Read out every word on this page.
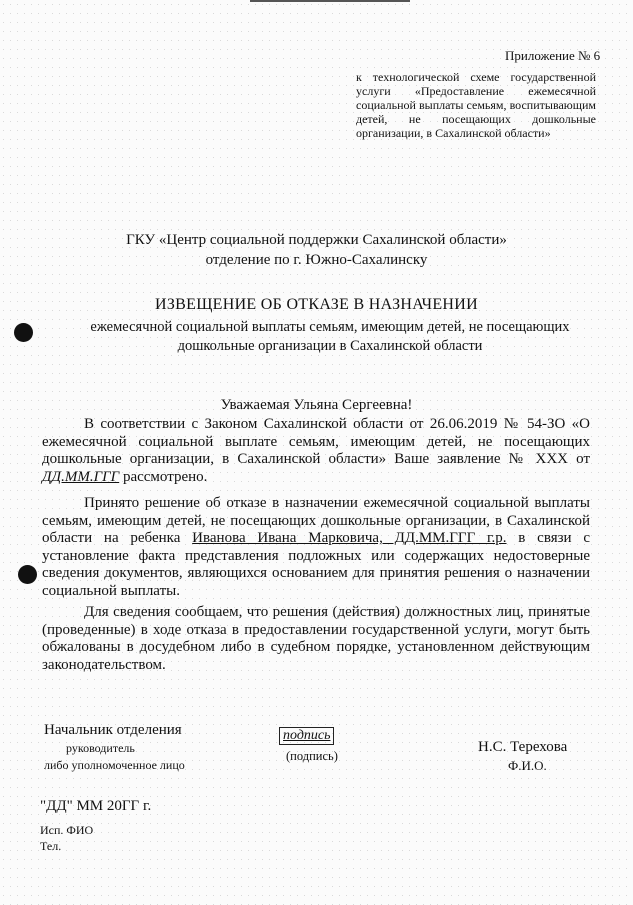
Приложение № 6
к технологической схеме государственной услуги «Предоставление ежемесячной социальной выплаты семьям, воспитывающим детей, не посещающих дошкольные организации, в Сахалинской области»
ГКУ «Центр социальной поддержки Сахалинской области»
отделение по г. Южно-Сахалинску
ИЗВЕЩЕНИЕ ОБ ОТКАЗЕ В НАЗНАЧЕНИИ
ежемесячной социальной выплаты семьям, имеющим детей, не посещающих дошкольные организации в Сахалинской области
Уважаемая Ульяна Сергеевна!
В соответствии с Законом Сахалинской области от 26.06.2019 № 54-ЗО «О ежемесячной социальной выплате семьям, имеющим детей, не посещающих дошкольные организации, в Сахалинской области» Ваше заявление № ХХХ от ДД.ММ.ГГГ рассмотрено.
Принято решение об отказе в назначении ежемесячной социальной выплаты семьям, имеющим детей, не посещающих дошкольные организации, в Сахалинской области на ребенка Иванова Ивана Марковича, ДД.ММ.ГГГ г.р. в связи с установление факта представления подложных или содержащих недостоверные сведения документов, являющихся основанием для принятия решения о назначении социальной выплаты.
Для сведения сообщаем, что решения (действия) должностных лиц, принятые (проведенные) в ходе отказа в предоставлении государственной услуги, могут быть обжалованы в досудебном либо в судебном порядке, установленном действующим законодательством.
Начальник отделения
руководитель
либо уполномоченное лицо
подпись
(подпись)
Н.С. Терехова
Ф.И.О.
"ДД" ММ 20ГГ г.
Исп. ФИО
Тел.
